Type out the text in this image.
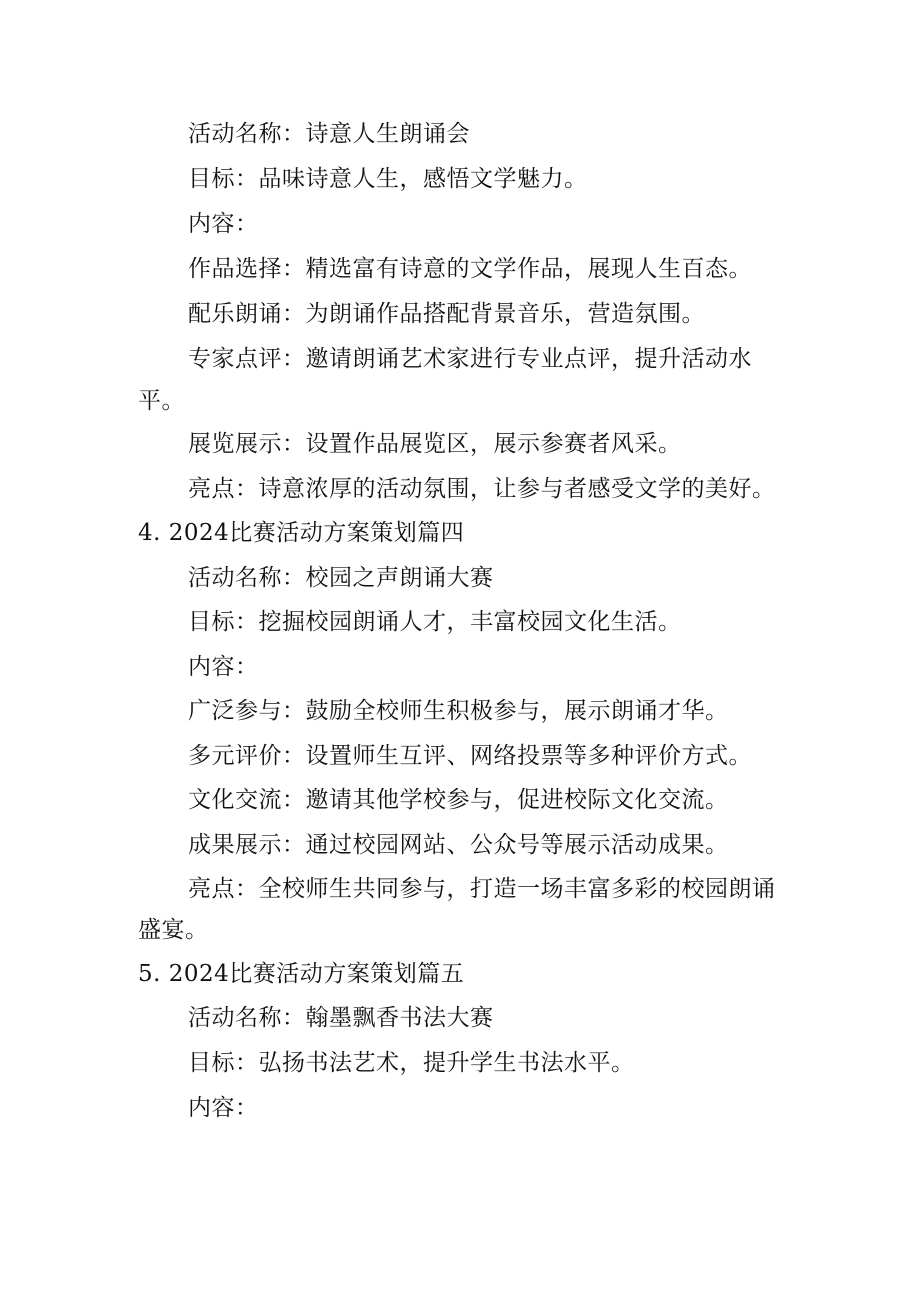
活动名称：诗意人生朗诵会
目标：品味诗意人生，感悟文学魅力。
内容：
作品选择：精选富有诗意的文学作品，展现人生百态。
配乐朗诵：为朗诵作品搭配背景音乐，营造氛围。
专家点评：邀请朗诵艺术家进行专业点评，提升活动水
平。
展览展示：设置作品展览区，展示参赛者风采。
亮点：诗意浓厚的活动氛围，让参与者感受文学的美好。
4. 2024比赛活动方案策划篇四
活动名称：校园之声朗诵大赛
目标：挖掘校园朗诵人才，丰富校园文化生活。
内容：
广泛参与：鼓励全校师生积极参与，展示朗诵才华。
多元评价：设置师生互评、网络投票等多种评价方式。
文化交流：邀请其他学校参与，促进校际文化交流。
成果展示：通过校园网站、公众号等展示活动成果。
亮点：全校师生共同参与，打造一场丰富多彩的校园朗诵
盛宴。
5. 2024比赛活动方案策划篇五
活动名称：翰墨飘香书法大赛
目标：弘扬书法艺术，提升学生书法水平。
内容：
